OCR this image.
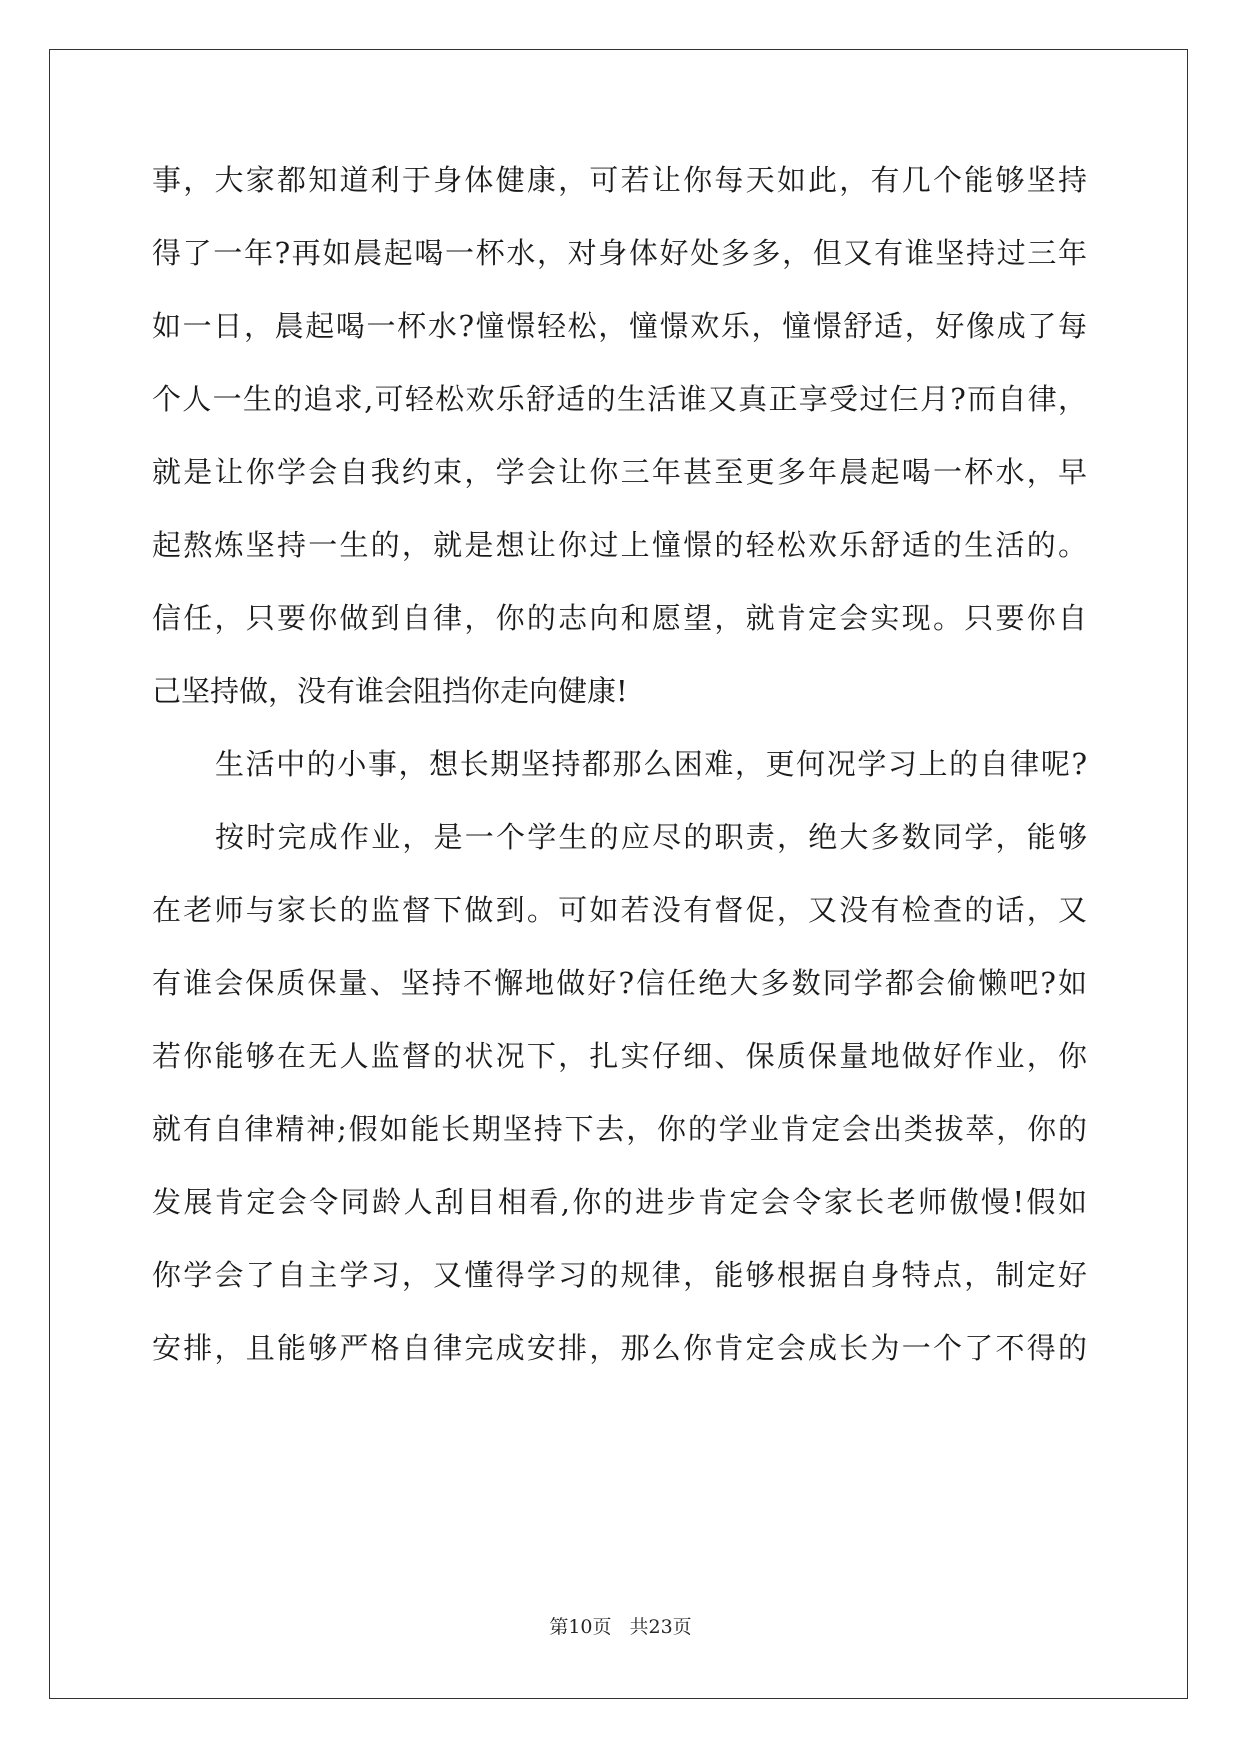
事，大家都知道利于身体健康，可若让你每天如此，有几个能够坚持
得了一年?再如晨起喝一杯水，对身体好处多多，但又有谁坚持过三年
如一日，晨起喝一杯水?憧憬轻松，憧憬欢乐，憧憬舒适，好像成了每
个人一生的追求,可轻松欢乐舒适的生活谁又真正享受过仨月?而自律，
就是让你学会自我约束，学会让你三年甚至更多年晨起喝一杯水，早
起熬炼坚持一生的，就是想让你过上憧憬的轻松欢乐舒适的生活的。
信任，只要你做到自律，你的志向和愿望，就肯定会实现。只要你自
己坚持做，没有谁会阻挡你走向健康!
生活中的小事，想长期坚持都那么困难，更何况学习上的自律呢?
按时完成作业，是一个学生的应尽的职责，绝大多数同学，能够
在老师与家长的监督下做到。可如若没有督促，又没有检查的话，又
有谁会保质保量、坚持不懈地做好?信任绝大多数同学都会偷懒吧?如
若你能够在无人监督的状况下，扎实仔细、保质保量地做好作业，你
就有自律精神;假如能长期坚持下去，你的学业肯定会出类拔萃，你的
发展肯定会令同龄人刮目相看,你的进步肯定会令家长老师傲慢!假如
你学会了自主学习，又懂得学习的规律，能够根据自身特点，制定好
安排，且能够严格自律完成安排，那么你肯定会成长为一个了不得的
第10页 共23页
